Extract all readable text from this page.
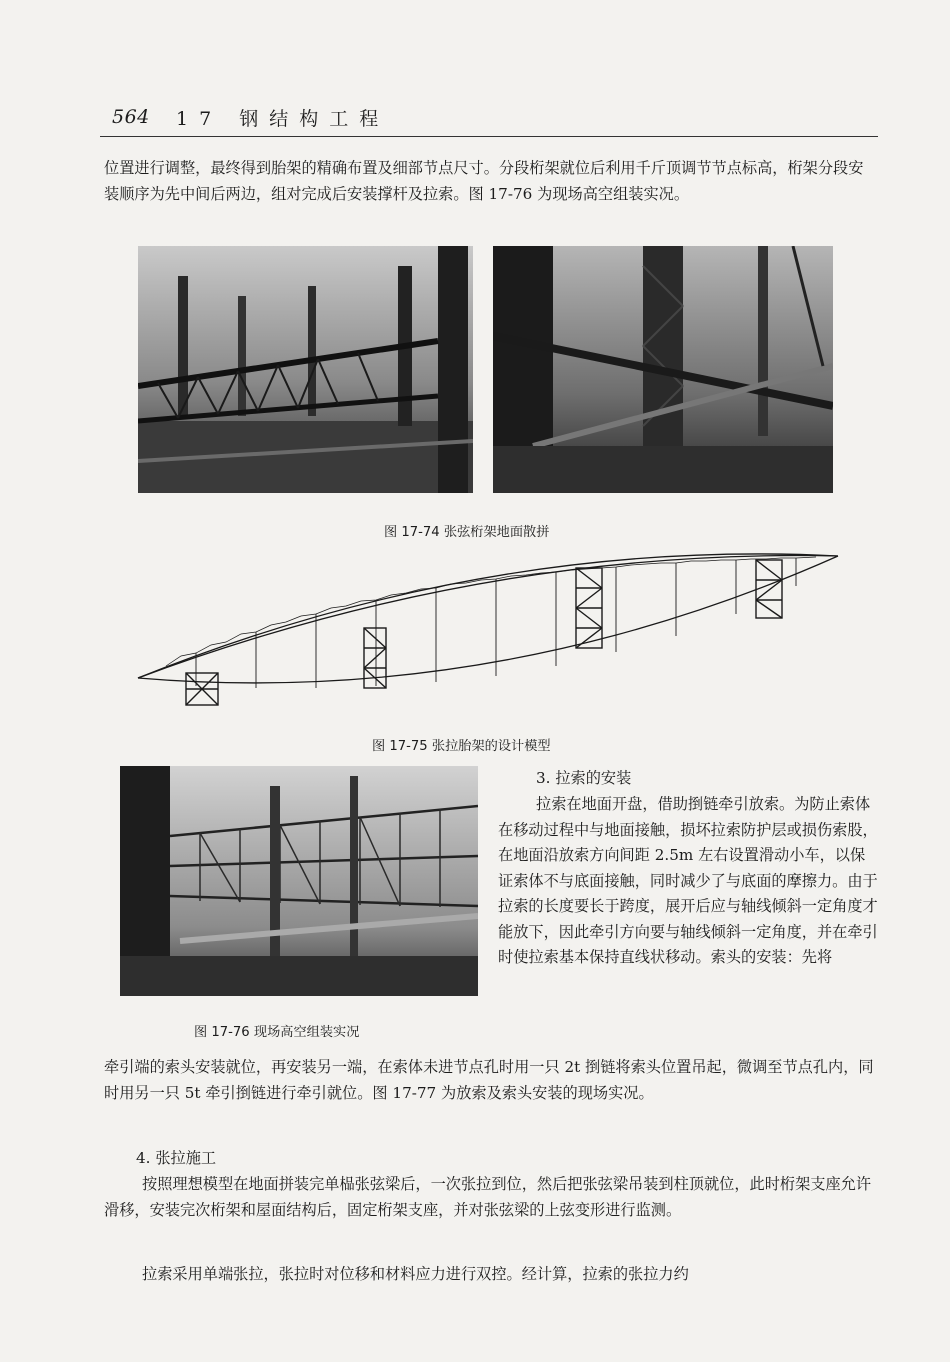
564 17 钢结构工程

位置进行调整，最终得到胎架的精确布置及细部节点尺寸。分段桁架就位后利用千斤顶调节节点标高，桁架分段安装顺序为先中间后两边，组对完成后安装撑杆及拉索。图 17-76 为现场高空组装实况。

图 17-74 张弦桁架地面散拼
图 17-75 张拉胎架的设计模型
图 17-76 现场高空组装实况
3. 拉索的安装

拉索在地面开盘，借助捯链牵引放索。为防止索体在移动过程中与地面接触，损坏拉索防护层或损伤索股，在地面沿放索方向间距 2.5m 左右设置滑动小车，以保证索体不与底面接触，同时减少了与底面的摩擦力。由于拉索的长度要长于跨度，展开后应与轴线倾斜一定角度才能放下，因此牵引方向要与轴线倾斜一定角度，并在牵引时使拉索基本保持直线状移动。索头的安装：先将

牵引端的索头安装就位，再安装另一端，在索体未进节点孔时用一只 2t 捯链将索头位置吊起，微调至节点孔内，同时用另一只 5t 牵引捯链进行牵引就位。图 17-77 为放索及索头安装的现场实况。

4. 张拉施工

按照理想模型在地面拼装完单榀张弦梁后，一次张拉到位，然后把张弦梁吊装到柱顶就位，此时桁架支座允许滑移，安装完次桁架和屋面结构后，固定桁架支座，并对张弦梁的上弦变形进行监测。

拉索采用单端张拉，张拉时对位移和材料应力进行双控。经计算，拉索的张拉力约
